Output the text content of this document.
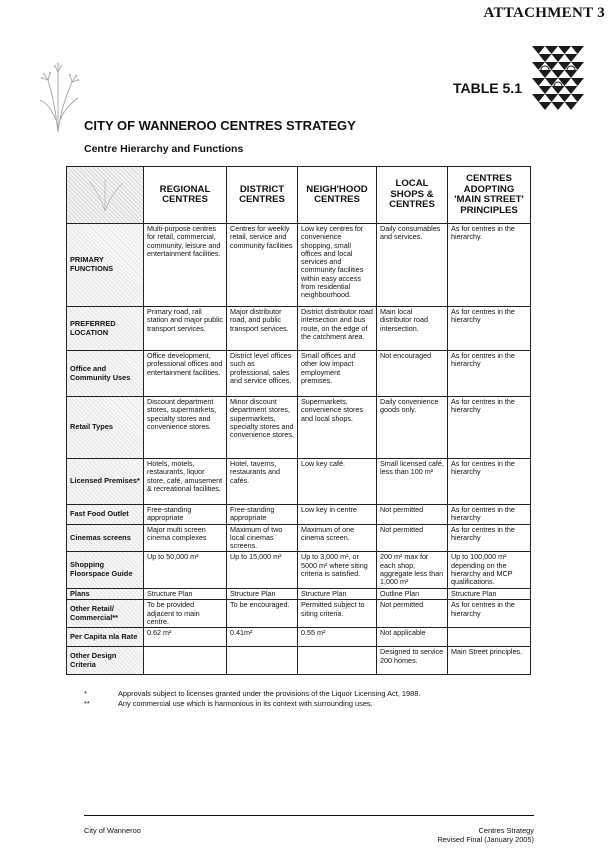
ATTACHMENT 3
TABLE 5.1
CITY OF WANNEROO CENTRES STRATEGY
Centre Hierarchy and Functions
	REGIONAL CENTRES	DISTRICT CENTRES	NEIGH'HOOD CENTRES	LOCAL SHOPS & CENTRES	CENTRES ADOPTING 'MAIN STREET' PRINCIPLES
PRIMARY FUNCTIONS	Multi-purpose centres for retail, commercial, community, leisure and entertainment facilities.	Centres for weekly retail, service and community facilities	Low key centres for convenience shopping, small offices and local services and community facilities within easy access from residential neighbourhood.	Daily consumables and services.	As for centres in the hierarchy.
PREFERRED LOCATION	Primary road, rail station and major public transport services.	Major distributor road, and public transport services.	District distributor road intersection and bus route, on the edge of the catchment area.	Main local distributor road intersection.	As for centres in the hierarchy
Office and Community Uses	Office development, professional offices and entertainment facilities.	District level offices such as professional, sales and service offices.	Small offices and other low impact employment premises.	Not encouraged	As for centres in the hierarchy
Retail Types	Discount department stores, supermarkets, specialty stores and convenience stores.	Minor discount department stores, supermarkets, specialty stores and convenience stores.	Supermarkets, convenience stores and local shops.	Daily convenience goods only.	As for centres in the hierarchy
Licensed Premises*	Hotels, motels, restaurants, liquor store, café, amusement & recreational facilities.	Hotel, taverns, restaurants and cafés.	Low key café.	Small licensed café, less than 100 m²	As for centres in the hierarchy
Fast Food Outlet	Free-standing appropriate	Free-standing appropriate	Low key in centre	Not permitted	As for centres in the hierarchy
Cinemas screens	Major multi screen cinema complexes	Maximum of two local cinemas screens.	Maximum of one cinema screen.	Not permitted	As for centres in the hierarchy
Shopping Floorspace Guide	Up to 50,000 m²	Up to 15,000 m²	Up to 3,000 m², or 5000 m² where siting criteria is satisfied.	200 m² max for each shop, aggregate less than 1,000 m²	Up to 100,000 m² depending on the hierarchy and MCP qualifications.
Plans	Structure Plan	Structure Plan	Structure Plan	Outline Plan	Structure Plan
Other Retail/ Commercial**	To be provided adjacent to main centre.	To be encouraged.	Permitted subject to siting criteria.	Not permitted	As for centres in the hierarchy
Per Capita nla Rate	0.62 m²	0.41m²	0.55 m²	Not applicable	
Other Design Criteria				Designed to service 200 homes.	Main Street principles.
*	Approvals subject to licenses granted under the provisions of the Liquor Licensing Act, 1988.
**	Any commercial use which is harmonious in its context with surrounding uses.
City of Wanneroo	Centres Strategy
Revised Final (January 2005)
